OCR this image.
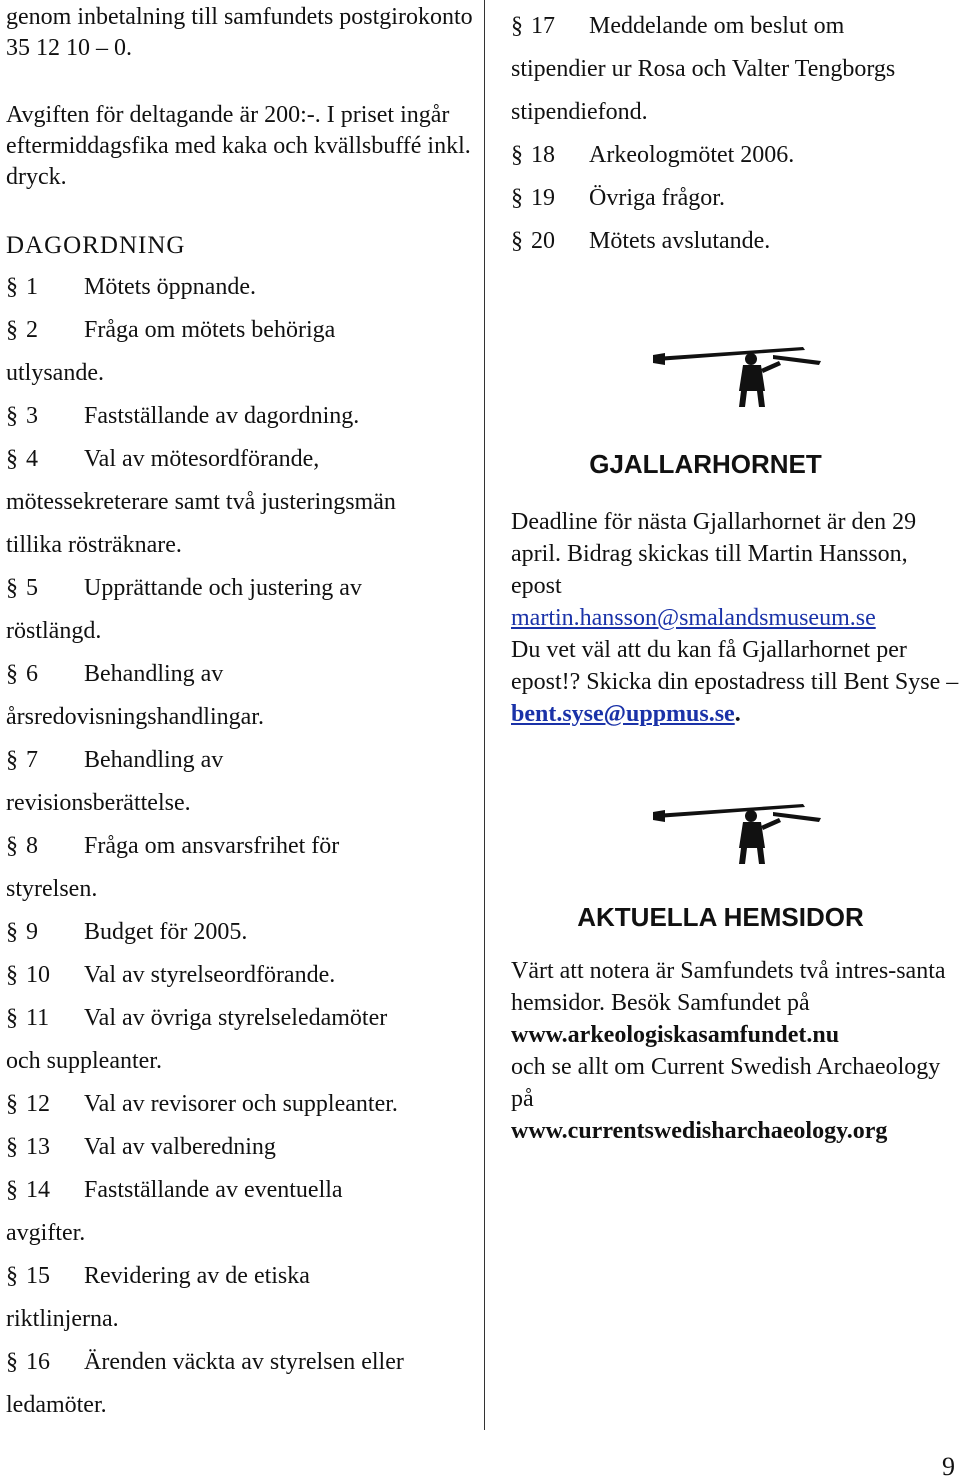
genom inbetalning till samfundets postgirokonto 35 12 10 – 0.

Avgiften för deltagande är 200:-. I priset ingår eftermiddagsfika med kaka och kvällsbuffé inkl. dryck.

DAGORDNING

§ 1 Mötets öppnande.
§ 2 Fråga om mötets behöriga
utlysande.
§ 3 Fastställande av dagordning.
§ 4 Val av mötesordförande,
mötessekreterare samt två justeringsmän
tillika rösträknare.
§ 5 Upprättande och justering av
röstlängd.
§ 6 Behandling av
årsredovisningshandlingar.
§ 7 Behandling av
revisionsberättelse.
§ 8 Fråga om ansvarsfrihet för
styrelsen.
§ 9 Budget för 2005.
§ 10 Val av styrelseordförande.
§ 11 Val av övriga styrelseledamöter
och suppleanter.
§ 12 Val av revisorer och suppleanter.
§ 13 Val av valberedning
§ 14 Fastställande av eventuella
avgifter.
§ 15 Revidering av de etiska
riktlinjerna.
§ 16 Ärenden väckta av styrelsen eller
ledamöter.
§ 17 Meddelande om beslut om
stipendier ur Rosa och Valter Tengborgs
stipendiefond.
§ 18 Arkeologmötet 2006.
§ 19 Övriga frågor.
§ 20 Mötets avslutande.

GJALLARHORNET

Deadline för nästa Gjallarhornet är den 29 april. Bidrag skickas till Martin Hansson, epost
martin.hansson@smalandsmuseum.se
Du vet väl att du kan få Gjallarhornet per epost!? Skicka din epostadress till Bent Syse – bent.syse@uppmus.se.

AKTUELLA HEMSIDOR

Värt att notera är Samfundets två intres-santa hemsidor. Besök Samfundet på
www.arkeologiskasamfundet.nu
och se allt om Current Swedish Archaeology på
www.currentswedisharchaeology.org

9
